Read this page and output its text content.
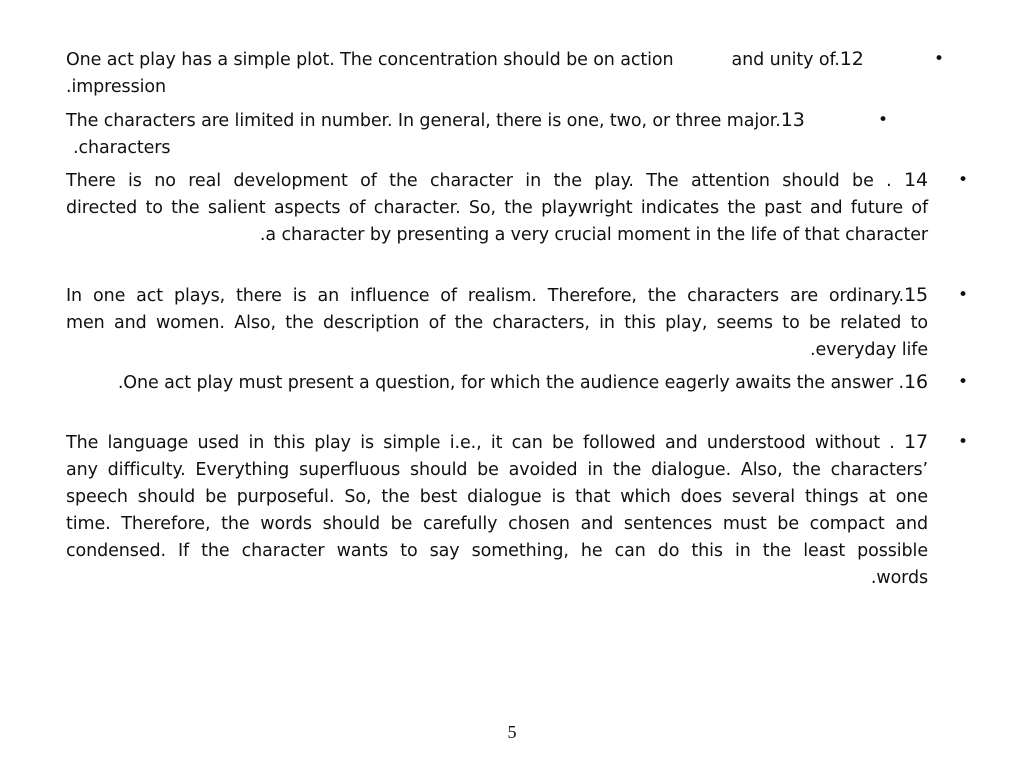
•
One act play has a simple plot. The concentration should be on action	and unity of.12
.impression
•
The characters are limited in number. In general, there is one, two, or three major.13
.characters
•
There is no real development of the character in the play. The attention should be . 14
directed to the salient aspects of character. So, the playwright indicates the past and future of
.a character by presenting a very crucial moment in the life of that character
•
In one act plays, there is an influence of realism. Therefore, the characters are ordinary.15
men and women. Also, the description of the characters, in this play, seems to be related to
.everyday life
•
.One act play must present a question, for which the audience eagerly awaits the answer .16
•
The language used in this play is simple i.e., it can be followed and understood without . 17
any difficulty. Everything superfluous should be avoided in the dialogue. Also, the characters’
speech should be purposeful. So, the best dialogue is that which does several things at one
time. Therefore, the words should be carefully chosen and sentences must be compact and
condensed. If the character wants to say something, he can do this in the least possible
.words
5
